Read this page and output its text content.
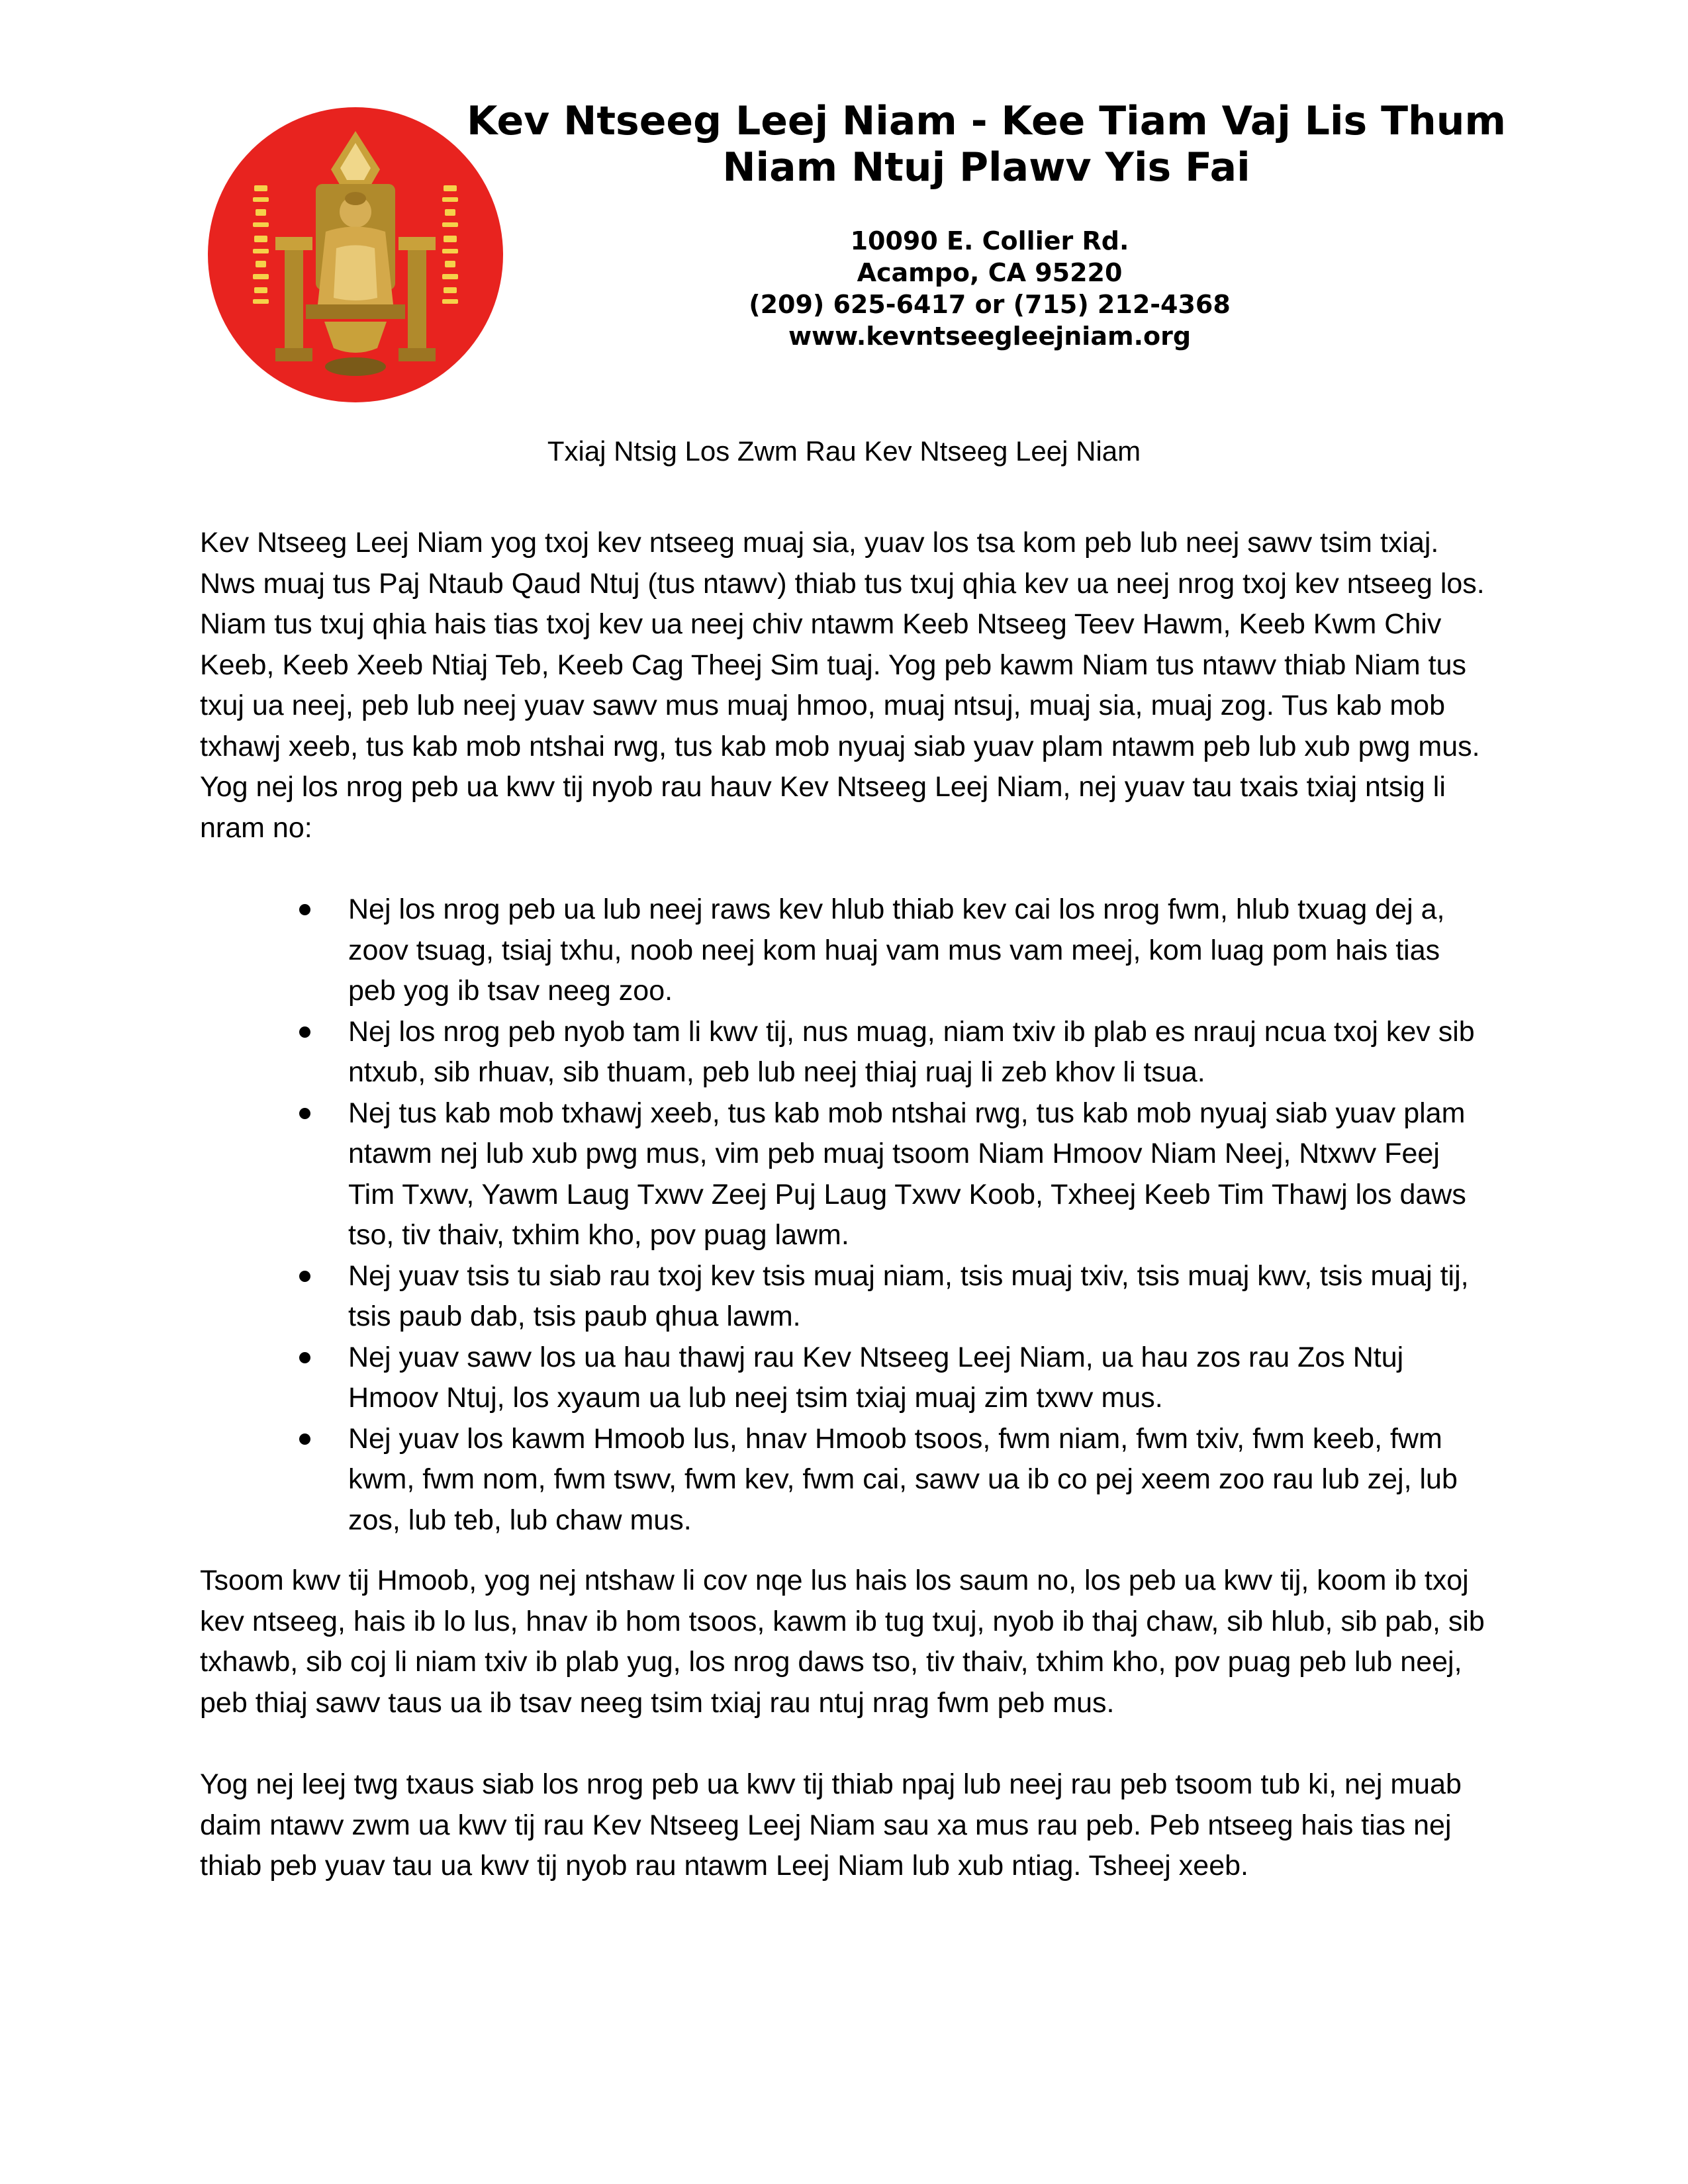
Kev Ntseeg Leej Niam - Kee Tiam Vaj Lis Thum
Niam Ntuj Plawv Yis Fai
10090 E. Collier Rd.
Acampo, CA 95220
(209) 625-6417 or (715) 212-4368
www.kevntseegleejniam.org
Txiaj Ntsig Los Zwm Rau Kev Ntseeg Leej Niam

Kev Ntseeg Leej Niam yog txoj kev ntseeg muaj sia, yuav los tsa kom peb lub neej sawv tsim txiaj. Nws muaj tus Paj Ntaub Qaud Ntuj (tus ntawv) thiab tus txuj qhia kev ua neej nrog txoj kev ntseeg los. Niam tus txuj qhia hais tias txoj kev ua neej chiv ntawm Keeb Ntseeg Teev Hawm, Keeb Kwm Chiv Keeb, Keeb Xeeb Ntiaj Teb, Keeb Cag Theej Sim tuaj. Yog peb kawm Niam tus ntawv thiab Niam tus txuj ua neej, peb lub neej yuav sawv mus muaj hmoo, muaj ntsuj, muaj sia, muaj zog. Tus kab mob txhawj xeeb, tus kab mob ntshai rwg, tus kab mob nyuaj siab yuav plam ntawm peb lub xub pwg mus. Yog nej los nrog peb ua kwv tij nyob rau hauv Kev Ntseeg Leej Niam, nej yuav tau txais txiaj ntsig li nram no:

Nej los nrog peb ua lub neej raws kev hlub thiab kev cai los nrog fwm, hlub txuag dej a, zoov tsuag, tsiaj txhu, noob neej kom huaj vam mus vam meej, kom luag pom hais tias peb yog ib tsav neeg zoo.
Nej los nrog peb nyob tam li kwv tij, nus muag, niam txiv ib plab es nrauj ncua txoj kev sib ntxub, sib rhuav, sib thuam, peb lub neej thiaj ruaj li zeb khov li tsua.
Nej tus kab mob txhawj xeeb, tus kab mob ntshai rwg, tus kab mob nyuaj siab yuav plam ntawm nej lub xub pwg mus, vim peb muaj tsoom Niam Hmoov Niam Neej, Ntxwv Feej Tim Txwv, Yawm Laug Txwv Zeej Puj Laug Txwv Koob, Txheej Keeb Tim Thawj los daws tso, tiv thaiv, txhim kho, pov puag lawm.
Nej yuav tsis tu siab rau txoj kev tsis muaj niam, tsis muaj txiv, tsis muaj kwv, tsis muaj tij, tsis paub dab, tsis paub qhua lawm.
Nej yuav sawv los ua hau thawj rau Kev Ntseeg Leej Niam, ua hau zos rau Zos Ntuj Hmoov Ntuj, los xyaum ua lub neej tsim txiaj muaj zim txwv mus.
Nej yuav los kawm Hmoob lus, hnav Hmoob tsoos, fwm niam, fwm txiv, fwm keeb, fwm kwm, fwm nom, fwm tswv, fwm kev, fwm cai, sawv ua ib co pej xeem zoo rau lub zej, lub zos, lub teb, lub chaw mus.

Tsoom kwv tij Hmoob, yog nej ntshaw li cov nqe lus hais los saum no, los peb ua kwv tij, koom ib txoj kev ntseeg, hais ib lo lus, hnav ib hom tsoos, kawm ib tug txuj, nyob ib thaj chaw, sib hlub, sib pab, sib txhawb, sib coj li niam txiv ib plab yug, los nrog daws tso, tiv thaiv, txhim kho, pov puag peb lub neej, peb thiaj sawv taus ua ib tsav neeg tsim txiaj rau ntuj nrag fwm peb mus.

Yog nej leej twg txaus siab los nrog peb ua kwv tij thiab npaj lub neej rau peb tsoom tub ki, nej muab daim ntawv zwm ua kwv tij rau Kev Ntseeg Leej Niam sau xa mus rau peb. Peb ntseeg hais tias nej thiab peb yuav tau ua kwv tij nyob rau ntawm Leej Niam lub xub ntiag. Tsheej xeeb.
